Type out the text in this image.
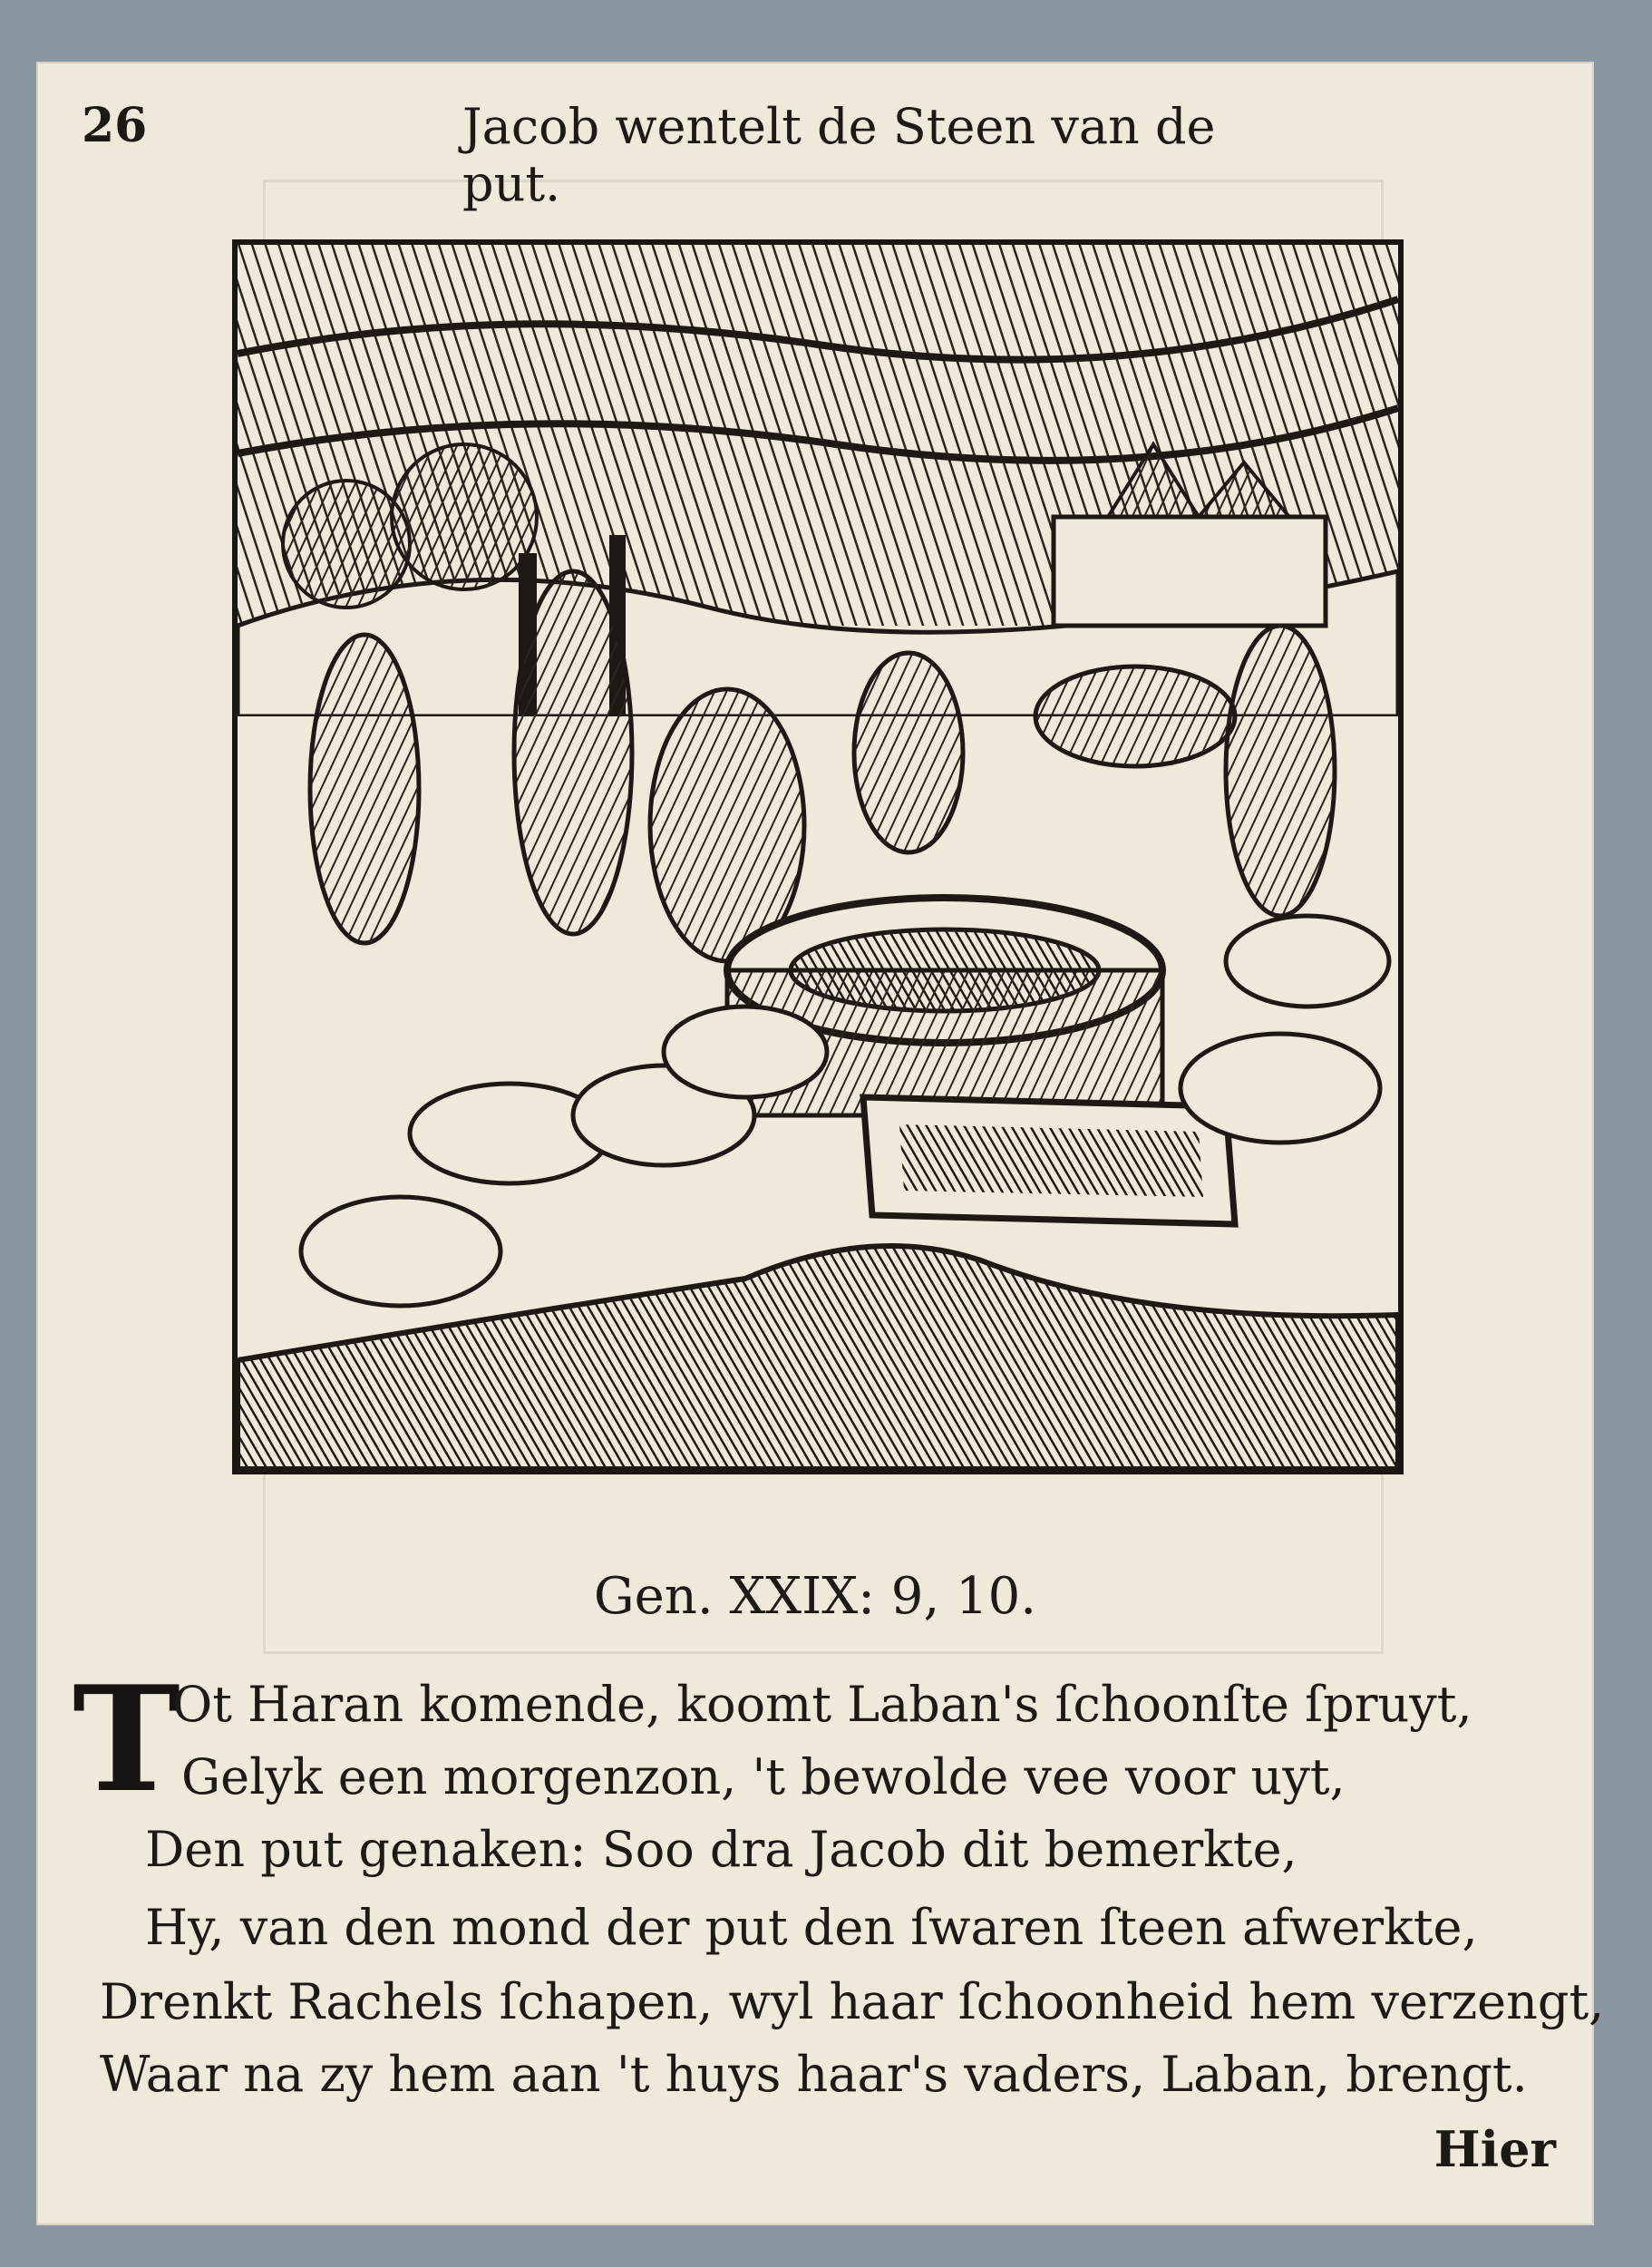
26	Jacob wentelt de Steen van de put.
Gen. XXIX: 9, 10.
T
Ot Haran komende, koomt Laban's ſchoonſte ſpruyt,
Gelyk een morgenzon, 't bewolde vee voor uyt,
Den put genaken: Soo dra Jacob dit bemerkte,
Hy, van den mond der put den ſwaren ſteen afwerkte,
Drenkt Rachels ſchapen, wyl haar ſchoonheid hem verzengt,
Waar na zy hem aan 't huys haar's vaders, Laban, brengt.
Hier
